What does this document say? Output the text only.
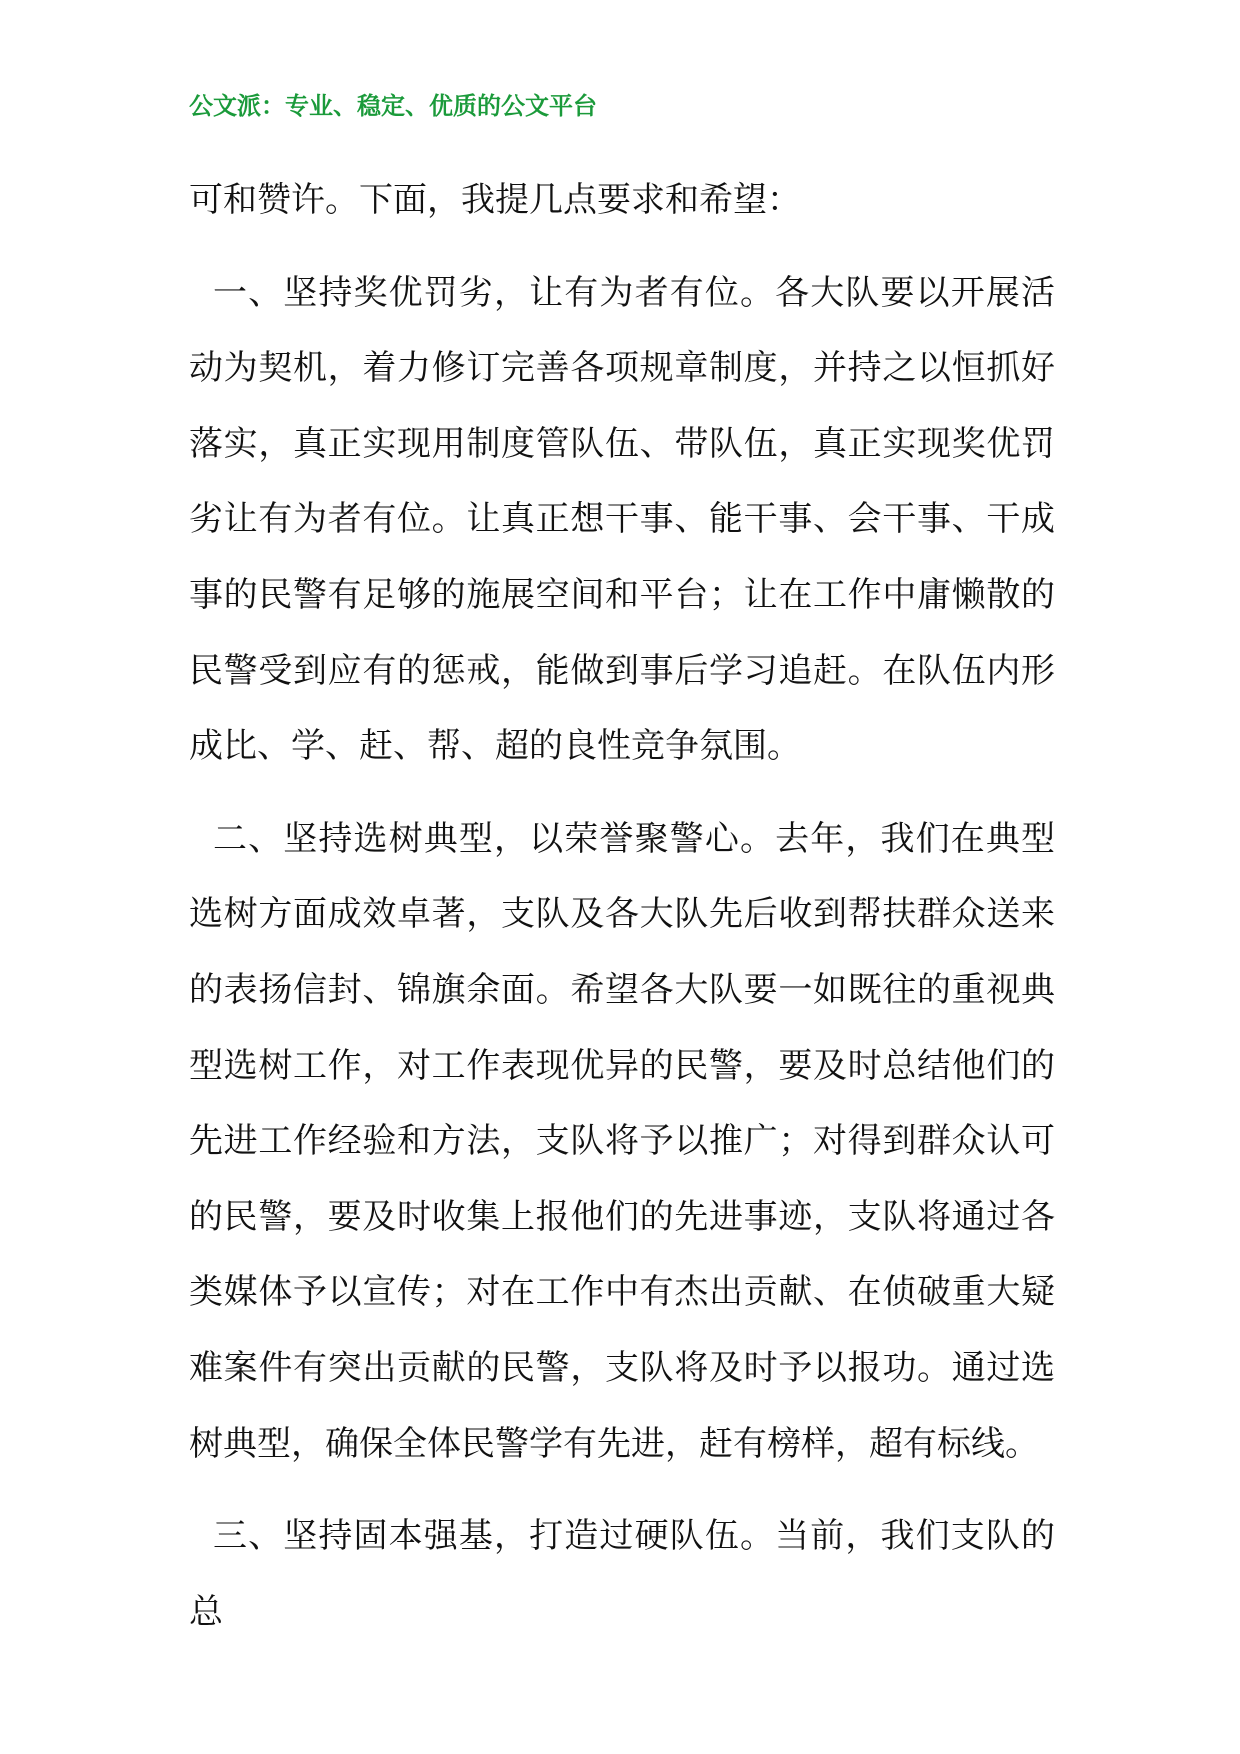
公文派：专业、稳定、优质的公文平台

可和赞许。下面，我提几点要求和希望：

一、坚持奖优罚劣，让有为者有位。各大队要以开展活动为契机，着力修订完善各项规章制度，并持之以恒抓好落实，真正实现用制度管队伍、带队伍，真正实现奖优罚劣让有为者有位。让真正想干事、能干事、会干事、干成事的民警有足够的施展空间和平台；让在工作中庸懒散的民警受到应有的惩戒，能做到事后学习追赶。在队伍内形成比、学、赶、帮、超的良性竞争氛围。

二、坚持选树典型，以荣誉聚警心。去年，我们在典型选树方面成效卓著，支队及各大队先后收到帮扶群众送来的表扬信封、锦旗余面。希望各大队要一如既往的重视典型选树工作，对工作表现优异的民警，要及时总结他们的先进工作经验和方法，支队将予以推广；对得到群众认可的民警，要及时收集上报他们的先进事迹，支队将通过各类媒体予以宣传；对在工作中有杰出贡献、在侦破重大疑难案件有突出贡献的民警，支队将及时予以报功。通过选树典型，确保全体民警学有先进，赶有榜样，超有标线。

三、坚持固本强基，打造过硬队伍。当前，我们支队的总
